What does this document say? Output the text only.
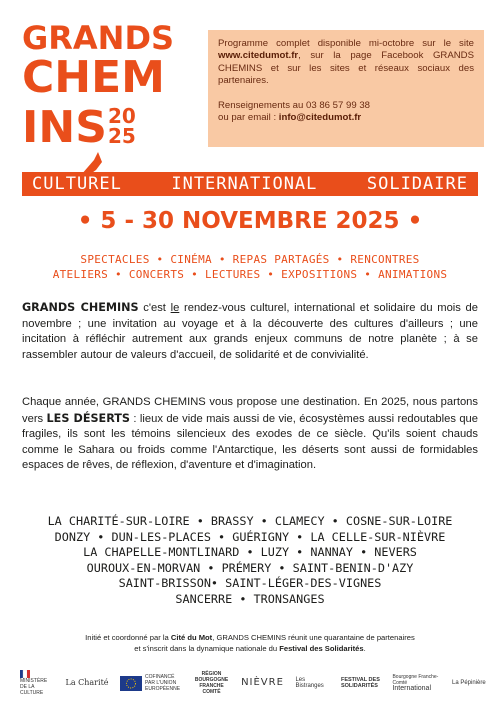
GRANDS
CHEM
INS 20
25

Programme complet disponible mi-octobre sur le site www.citedumot.fr, sur la page Facebook GRANDS CHEMINS et sur les sites et réseaux sociaux des partenaires.

Renseignements au 03 86 57 99 38
ou par email : info@citedumot.fr

CULTUREL	INTERNATIONAL	SOLIDAIRE
• 5 - 30 NOVEMBRE 2025 •
SPECTACLES • CINÉMA • REPAS PARTAGÉS • RENCONTRES
ATELIERS • CONCERTS • LECTURES • EXPOSITIONS • ANIMATIONS
GRANDS CHEMINS c'est le rendez-vous culturel, international et solidaire du mois de novembre ; une invitation au voyage et à la découverte des cultures d'ailleurs ; une incitation à réfléchir autrement aux grands enjeux communs de notre planète ; à se rassembler autour de valeurs d'accueil, de solidarité et de convivialité.
Chaque année, GRANDS CHEMINS vous propose une destination. En 2025, nous partons vers LES DÉSERTS : lieux de vide mais aussi de vie, écosystèmes aussi redoutables que fragiles, ils sont les témoins silencieux des exodes de ce siècle. Qu'ils soient chauds comme le Sahara ou froids comme l'Antarctique, les déserts sont aussi de formidables espaces de rêves, de réflexion, d'aventure et d'imagination.
LA CHARITÉ-SUR-LOIRE • BRASSY • CLAMECY • COSNE-SUR-LOIRE
DONZY • DUN-LES-PLACES • GUÉRIGNY • LA CELLE-SUR-NIÈVRE
LA CHAPELLE-MONTLINARD • LUZY • NANNAY • NEVERS
OUROUX-EN-MORVAN • PRÉMERY • SAINT-BENIN-D'AZY
SAINT-BRISSON• SAINT-LÉGER-DES-VIGNES
SANCERRE • TRONSANGES
Initié et coordonné par la Cité du Mot, GRANDS CHEMINS réunit une quarantaine de partenaires
et s'inscrit dans la dynamique nationale du Festival des Solidarités.
MINISTÈRE DE LA CULTURE
La Charité
COFINANCÉ PAR L'UNION EUROPÉENNE
RÉGION BOURGOGNE FRANCHE COMTÉ
NIÈVRE Les Bistranges
FESTIVAL DES SOLIDARITÉS
Bourgogne Franche-Comté
International
La Pépinière
